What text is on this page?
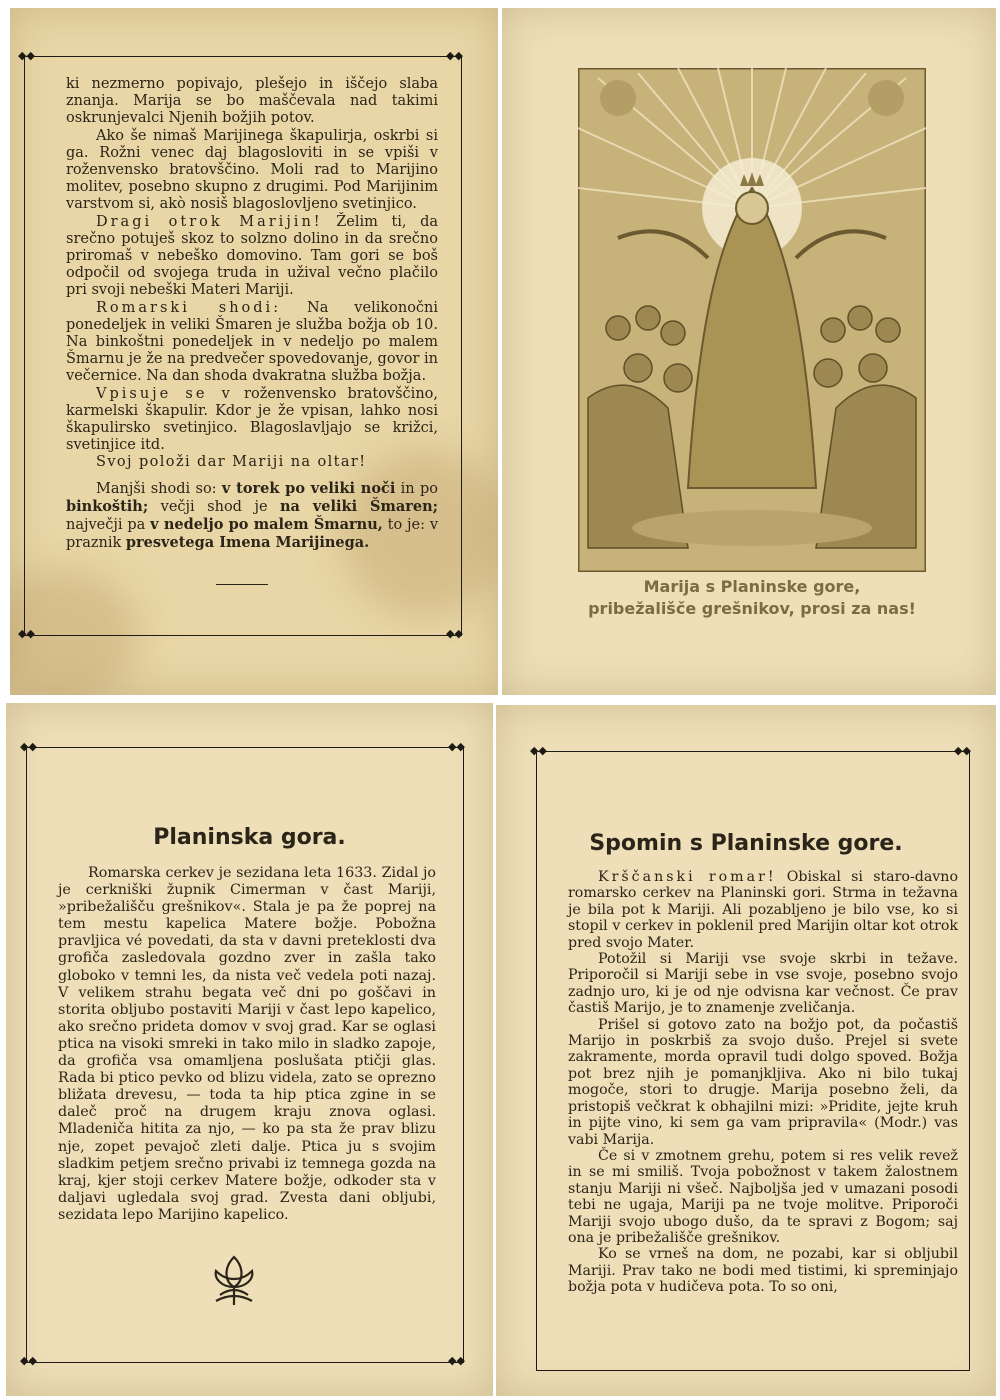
◆◆	◆◆
◆◆	◆◆

ki nezmerno popivajo, plešejo in iščejo slaba znanja. Marija se bo maščevala nad takimi oskrunjevalci Njenih božjih potov.

Ako še nimaš Marijinega škapulirja, oskrbi si ga. Rožni venec daj blagosloviti in se vpiši v roženvensko bratovščino. Moli rad to Marijino molitev, posebno skupno z drugimi. Pod Marijinim varstvom si, akò nosiš blagoslovljeno svetinjico.

Dragi otrok Marijin! Želim ti, da srečno potuješ skoz to solzno dolino in da srečno priromaš v nebeško domovino. Tam gori se boš odpočil od svojega truda in užival večno plačilo pri svoji nebeški Materi Mariji.

Romarski shodi: Na velikonočni ponedeljek in veliki Šmaren je služba božja ob 10. Na binkoštni ponedeljek in v nedeljo po malem Šmarnu je že na predvečer spovedovanje, govor in večernice. Na dan shoda dvakratna služba božja.

Vpisuje se v roženvensko bratovščino, karmelski škapulir. Kdor je že vpisan, lahko nosi škapulirsko svetinjico. Blagoslavljajo se križci, svetinjice itd.

Svoj položi dar Mariji na oltar!

Manjši shodi so: v torek po veliki noči in po binkoštih; večji shod je na veliki Šmaren; največji pa v nedeljo po malem Šmarnu, to je: v praznik presvetega Imena Marijinega.

Marija s Planinske gore,
pribežališče grešnikov, prosi za nas!
◆◆	◆◆
◆◆	◆◆
Planinska gora.

Romarska cerkev je sezidana leta 1633. Zidal jo je cerkniški župnik Cimerman v čast Mariji, »pribežališču grešnikov«. Stala je pa že poprej na tem mestu kapelica Matere božje. Pobožna pravljica vé povedati, da sta v davni preteklosti dva grofiča zasledovala gozdno zver in zašla tako globoko v temni les, da nista več vedela poti nazaj. V velikem strahu begata več dni po goščavi in storita obljubo postaviti Mariji v čast lepo kapelico, ako srečno prideta domov v svoj grad. Kar se oglasi ptica na visoki smreki in tako milo in sladko zapoje, da grofiča vsa omamljena poslušata ptičji glas. Rada bi ptico pevko od blizu videla, zato se oprezno bližata drevesu, — toda ta hip ptica zgine in se daleč proč na drugem kraju znova oglasi. Mladeniča hitita za njo, — ko pa sta že prav blizu nje, zopet pevajoč zleti dalje. Ptica ju s svojim sladkim petjem srečno privabi iz temnega gozda na kraj, kjer stoji cerkev Matere božje, odkoder sta v daljavi ugledala svoj grad. Zvesta dani obljubi, sezidata lepo Marijino kapelico.

◆◆	◆◆
Spomin s Planinske gore.

Krščanski romar! Obiskal si staro-davno romarsko cerkev na Planinski gori. Strma in težavna je bila pot k Mariji. Ali pozabljeno je bilo vse, ko si stopil v cerkev in poklenil pred Marijin oltar kot otrok pred svojo Mater.

Potožil si Mariji vse svoje skrbi in težave. Priporočil si Mariji sebe in vse svoje, posebno svojo zadnjo uro, ki je od nje odvisna kar večnost. Če prav častiš Marijo, je to znamenje zveličanja.

Prišel si gotovo zato na božjo pot, da počastiš Marijo in poskrbiš za svojo dušo. Prejel si svete zakramente, morda opravil tudi dolgo spoved. Božja pot brez njih je pomanjkljiva. Ako ni bilo tukaj mogoče, stori to drugje. Marija posebno želi, da pristopiš večkrat k obhajilni mizi: »Pridite, jejte kruh in pijte vino, ki sem ga vam pripravila« (Modr.) vas vabi Marija.

Če si v zmotnem grehu, potem si res velik revež in se mi smiliš. Tvoja pobožnost v takem žalostnem stanju Mariji ni všeč. Najboljša jed v umazani posodi tebi ne ugaja, Mariji pa ne tvoje molitve. Priporoči Mariji svojo ubogo dušo, da te spravi z Bogom; saj ona je pribežališče grešnikov.

Ko se vrneš na dom, ne pozabi, kar si obljubil Mariji. Prav tako ne bodi med tistimi, ki spreminjajo božja pota v hudičeva pota. To so oni,
